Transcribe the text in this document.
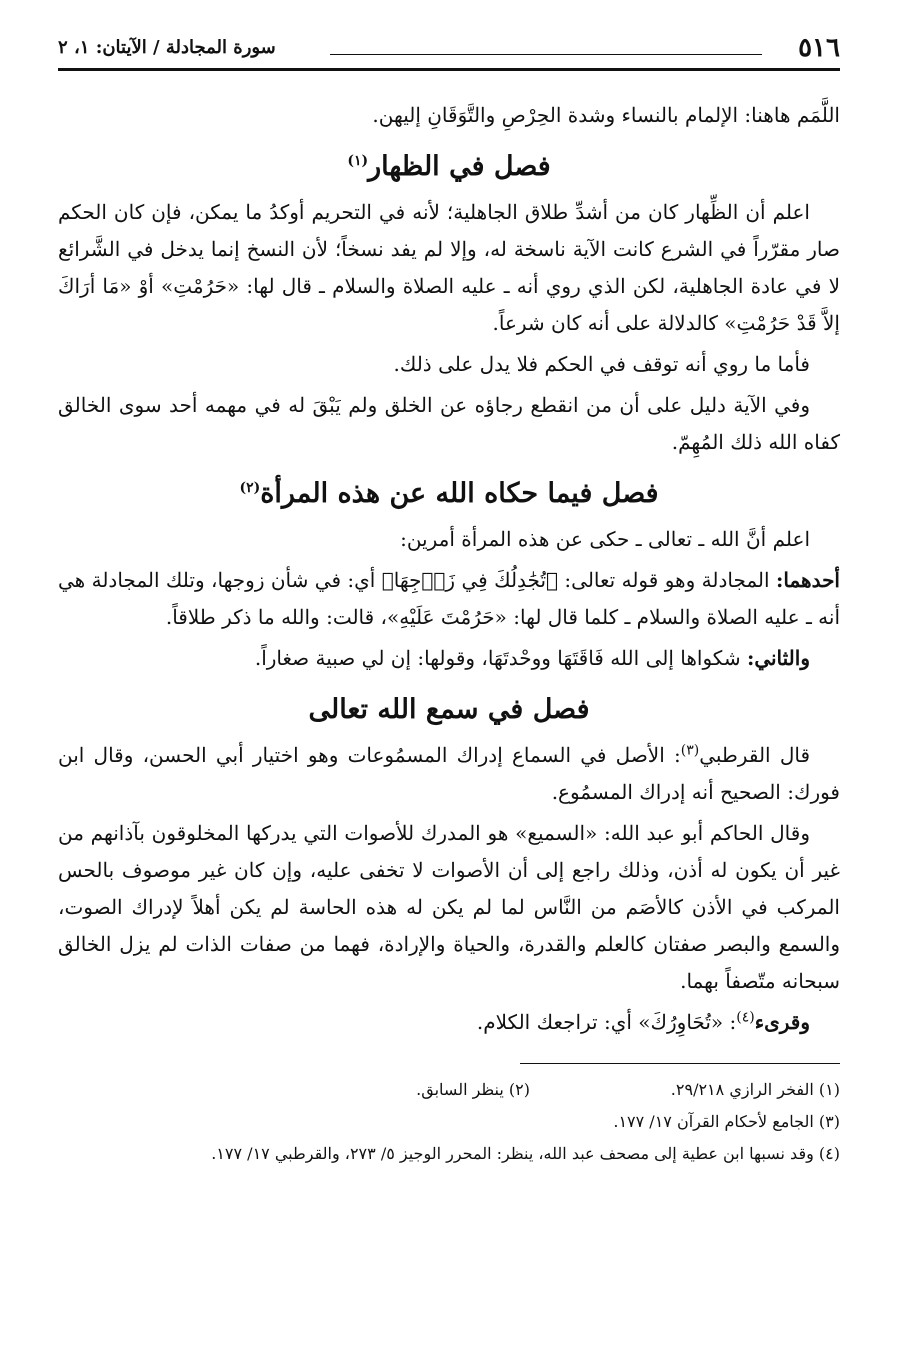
٥١٦
سورة المجادلة / الآيتان: ١، ٢

اللَّمَم هاهنا: الإلمام بالنساء وشدة الحِرْصِ والتَّوَقَانِ إليهن.

فصل في الظهار$^{(١)}$

اعلم أن الظِّهار كان من أشدِّ طلاق الجاهلية؛ لأنه في التحريم أوكدُ ما يمكن، فإن كان الحكم صار مقرّراً في الشرع كانت الآية ناسخة له، وإلا لم يفد نسخاً؛ لأن النسخ إنما يدخل في الشَّرائع لا في عادة الجاهلية، لكن الذي روي أنه ـ عليه الصلاة والسلام ـ قال لها: «حَرُمْتِ» أوْ «مَا أرَاكَ إلاَّ قَدْ حَرُمْتِ» كالدلالة على أنه كان شرعاً.

فأما ما روي أنه توقف في الحكم فلا يدل على ذلك.

وفي الآية دليل على أن من انقطع رجاؤه عن الخلق ولم يَبْقَ له في مهمه أحد سوى الخالق كفاه الله ذلك المُهِمّ.

فصل فيما حكاه الله عن هذه المرأة$^{(٢)}$

اعلم أنَّ الله ـ تعالى ـ حكى عن هذه المرأة أمرين:

أحدهما: المجادلة وهو قوله تعالى: ﴿تُجَٰدِلُكَ فِي زَوۡجِهَا﴾ أي: في شأن زوجها، وتلك المجادلة هي أنه ـ عليه الصلاة والسلام ـ كلما قال لها: «حَرُمْتَ عَلَيْهِ»، قالت: والله ما ذكر طلاقاً.

والثاني: شكواها إلى الله فَاقَتَهَا ووحْدتَهَا، وقولها: إن لي صبية صغاراً.

فصل في سمع الله تعالى

قال القرطبي$^{(٣)}$: الأصل في السماع إدراك المسمُوعات وهو اختيار أبي الحسن، وقال ابن فورك: الصحيح أنه إدراك المسمُوع.

وقال الحاكم أبو عبد الله: «السميع» هو المدرك للأصوات التي يدركها المخلوقون بآذانهم من غير أن يكون له أذن، وذلك راجع إلى أن الأصوات لا تخفى عليه، وإن كان غير موصوف بالحس المركب في الأذن كالأصَم من النَّاس لما لم يكن له هذه الحاسة لم يكن أهلاً لإدراك الصوت، والسمع والبصر صفتان كالعلم والقدرة، والحياة والإرادة، فهما من صفات الذات لم يزل الخالق سبحانه متّصفاً بهما.

وقرىء$^{(٤)}$: «تُحَاوِرُكَ» أي: تراجعك الكلام.

(١) الفخر الرازي ٢٩/٢١٨.

(٢) ينظر السابق.

(٣) الجامع لأحكام القرآن ١٧/ ١٧٧.

(٤) وقد نسبها ابن عطية إلى مصحف عبد الله، ينظر: المحرر الوجيز ٥/ ٢٧٣، والقرطبي ١٧/ ١٧٧.
